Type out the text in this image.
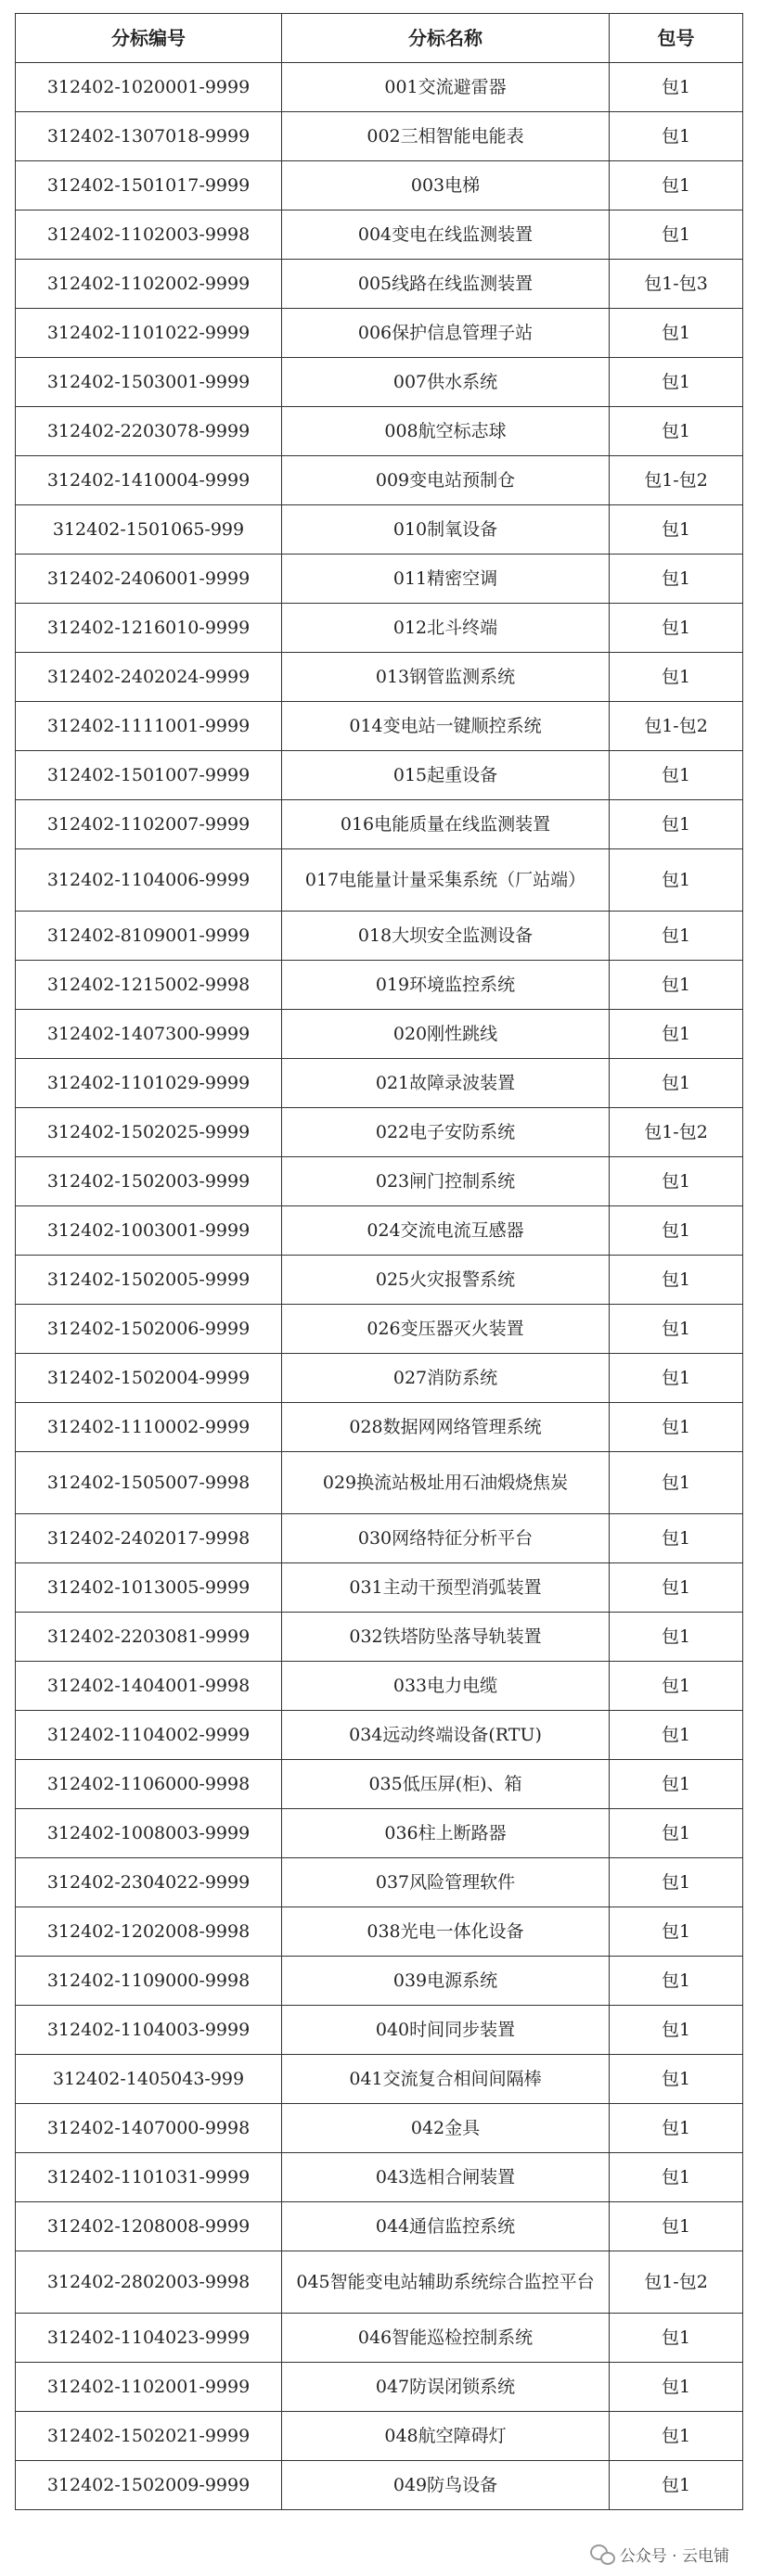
分标编号	分标名称	包号
312402-1020001-9999	001交流避雷器	包1
312402-1307018-9999	002三相智能电能表	包1
312402-1501017-9999	003电梯	包1
312402-1102003-9998	004变电在线监测装置	包1
312402-1102002-9999	005线路在线监测装置	包1-包3
312402-1101022-9999	006保护信息管理子站	包1
312402-1503001-9999	007供水系统	包1
312402-2203078-9999	008航空标志球	包1
312402-1410004-9999	009变电站预制仓	包1-包2
312402-1501065-999	010制氧设备	包1
312402-2406001-9999	011精密空调	包1
312402-1216010-9999	012北斗终端	包1
312402-2402024-9999	013钢管监测系统	包1
312402-1111001-9999	014变电站一键顺控系统	包1-包2
312402-1501007-9999	015起重设备	包1
312402-1102007-9999	016电能质量在线监测装置	包1
312402-1104006-9999	017电能量计量采集系统（厂站端）	包1
312402-8109001-9999	018大坝安全监测设备	包1
312402-1215002-9998	019环境监控系统	包1
312402-1407300-9999	020刚性跳线	包1
312402-1101029-9999	021故障录波装置	包1
312402-1502025-9999	022电子安防系统	包1-包2
312402-1502003-9999	023闸门控制系统	包1
312402-1003001-9999	024交流电流互感器	包1
312402-1502005-9999	025火灾报警系统	包1
312402-1502006-9999	026变压器灭火装置	包1
312402-1502004-9999	027消防系统	包1
312402-1110002-9999	028数据网网络管理系统	包1
312402-1505007-9998	029换流站极址用石油煅烧焦炭	包1
312402-2402017-9998	030网络特征分析平台	包1
312402-1013005-9999	031主动干预型消弧装置	包1
312402-2203081-9999	032铁塔防坠落导轨装置	包1
312402-1404001-9998	033电力电缆	包1
312402-1104002-9999	034远动终端设备(RTU)	包1
312402-1106000-9998	035低压屏(柜)、箱	包1
312402-1008003-9999	036柱上断路器	包1
312402-2304022-9999	037风险管理软件	包1
312402-1202008-9998	038光电一体化设备	包1
312402-1109000-9998	039电源系统	包1
312402-1104003-9999	040时间同步装置	包1
312402-1405043-999	041交流复合相间间隔棒	包1
312402-1407000-9998	042金具	包1
312402-1101031-9999	043选相合闸装置	包1
312402-1208008-9999	044通信监控系统	包1
312402-2802003-9998	045智能变电站辅助系统综合监控平台	包1-包2
312402-1104023-9999	046智能巡检控制系统	包1
312402-1102001-9999	047防误闭锁系统	包1
312402-1502021-9999	048航空障碍灯	包1
312402-1502009-9999	049防鸟设备	包1
公众号 · 云电铺
